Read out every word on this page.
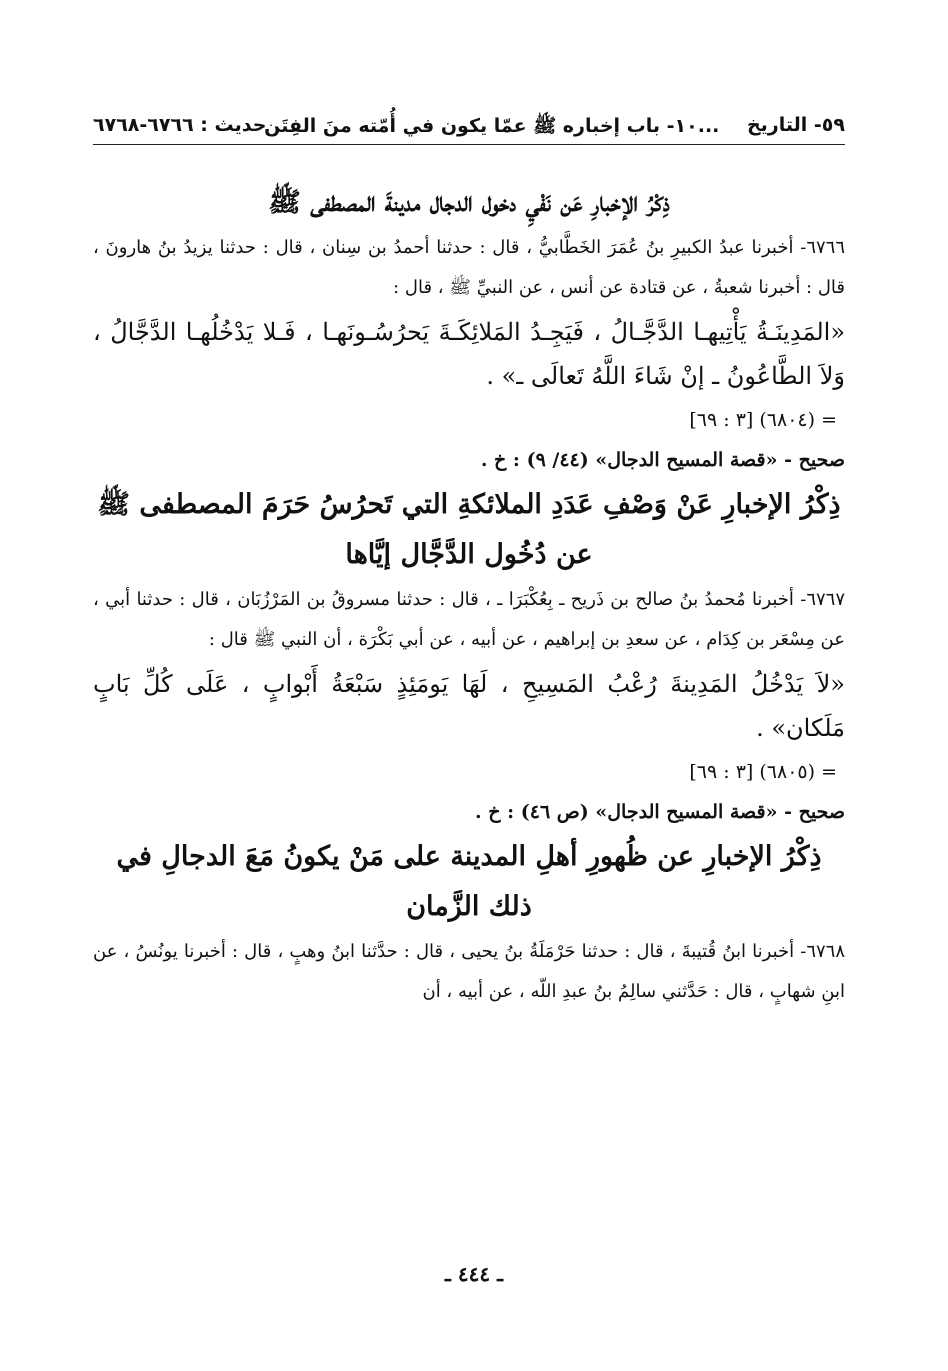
٥٩- التاريخ
١٠- باب إخباره ﷺ عمّا يكون في أُمّته منَ الفِتَن...
حديث : ٦٧٦٦-٦٧٦٨
ذِكْرُ الإخبارِ عَن نَفْيِ دخول الدجال مدينةَ المصطفى ﷺ

٦٧٦٦- أخبرنا عبدُ الكبيرِ بنُ عُمَرَ الخَطَّابيُّ ، قال : حدثنا أحمدُ بن سِنان ، قال : حدثنا يزيدُ بنُ هارونَ ، قال : أخبرنا شعبةُ ، عن قتادة عن أنس ، عن النبيِّ ﷺ ، قال :

«المَدِينَـةُ يَأْتِيهـا الدَّجَّـالُ ، فَيَجِـدُ المَلائِكَـةَ يَحرُسُـونَهـا ، فَـلا يَدْخُلُهـا الدَّجَّالُ ، وَلاَ الطَّاعُونُ ـ إنْ شَاءَ اللَّهُ تَعالَى ـ» .

= (٦٨٠٤) [٣ : ٦٩]

صحيح - «قصة المسيح الدجال» (٤٤/ ٩) : خ .

ذِكْرُ الإخبارِ عَنْ وَصْفِ عَدَدِ الملائكةِ التي تَحرُسُ حَرَمَ المصطفى ﷺ عن دُخُول الدَّجَّال إيَّاها

٦٧٦٧- أخبرنا مُحمدُ بنُ صالح بن ذَريح ـ بِعُكْبَرَا ـ ، قال : حدثنا مسروقُ بن المَرْزُبَان ، قال : حدثنا أبي ، عن مِسْعَر بن كِدَام ، عن سعدِ بن إبراهيم ، عن أبيه ، عن أبي بَكْرَة ، أن النبي ﷺ قال :

«لاَ يَدْخُلُ المَدِينةَ رُعْبُ المَسِيحِ ، لَهَا يَومَئِذٍ سَبْعَةُ أَبْوابٍ ، عَلَى كُلِّ بَابٍ مَلَكان» .

= (٦٨٠٥) [٣ : ٦٩]

صحيح - «قصة المسيح الدجال» (ص ٤٦) : خ .

ذِكْرُ الإخبارِ عن ظُهورِ أهلِ المدينة على مَنْ يكونُ مَعَ الدجالِ في ذلك الزَّمان

٦٧٦٨- أخبرنا ابنُ قُتيبةَ ، قال : حدثنا حَرْمَلَةُ بنُ يحيى ، قال : حدَّثنا ابنُ وهبٍ ، قال : أخبرنا يونُسُ ، عن ابنِ شهابٍ ، قال : حَدَّثني سالِمُ بنُ عبدِ اللّه ، عن أبيه ، أن

ـ ٤٤٤ ـ
